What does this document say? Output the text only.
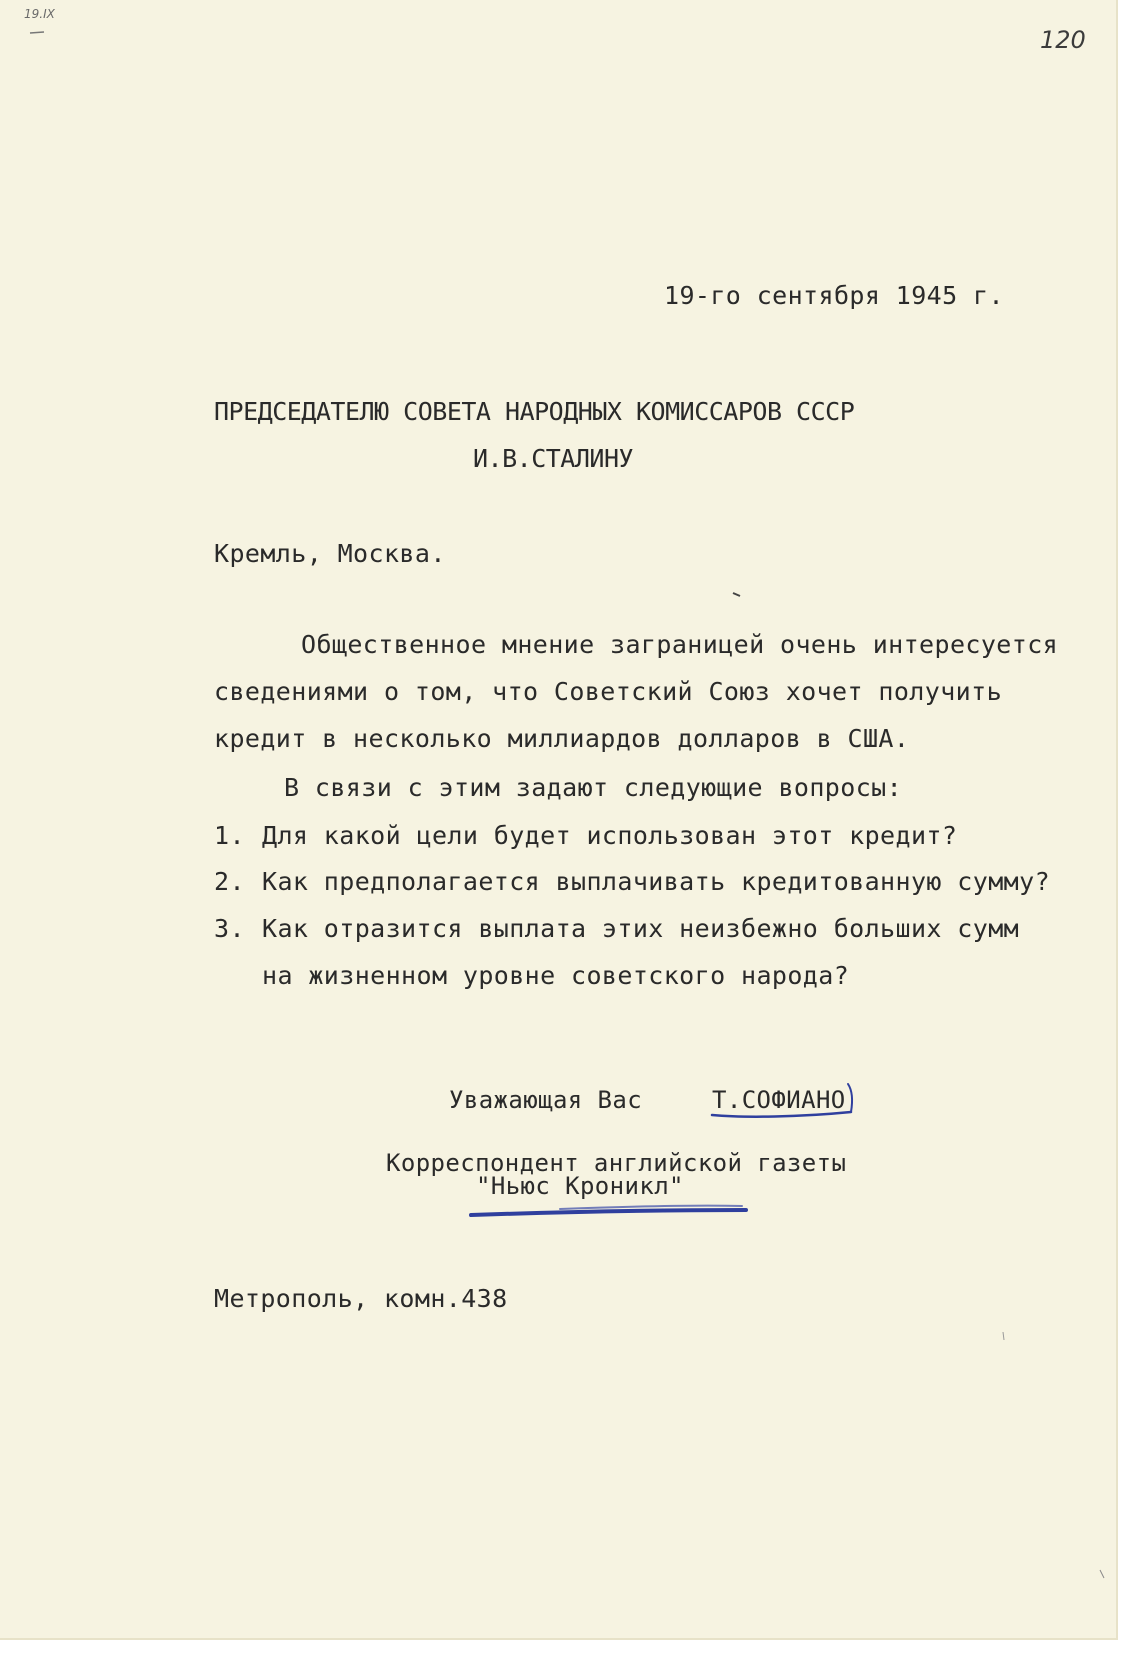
19.IX
120
19-го сентября 1945 г.
ПРЕДСЕДАТЕЛЮ СОВЕТА НАРОДНЫХ КОМИССАРОВ СССР
И.В.СТАЛИНУ
Кремль, Москва.
Общественное мнение заграницей очень интересуется
сведениями о том, что Советский Союз хочет получить
кредит в несколько миллиардов долларов в США.
В связи с этим задают следующие вопросы:
1. Для какой цели будет использован этот кредит?
2. Как предполагается выплачивать кредитованную сумму?
3. Как отразится выплата этих неизбежно больших сумм
на жизненном уровне советского народа?
Уважающая Вас	Т.СОФИАНО
Корреспондент английской газеты
"Ньюс Кроникл"
Метрополь, комн.438
